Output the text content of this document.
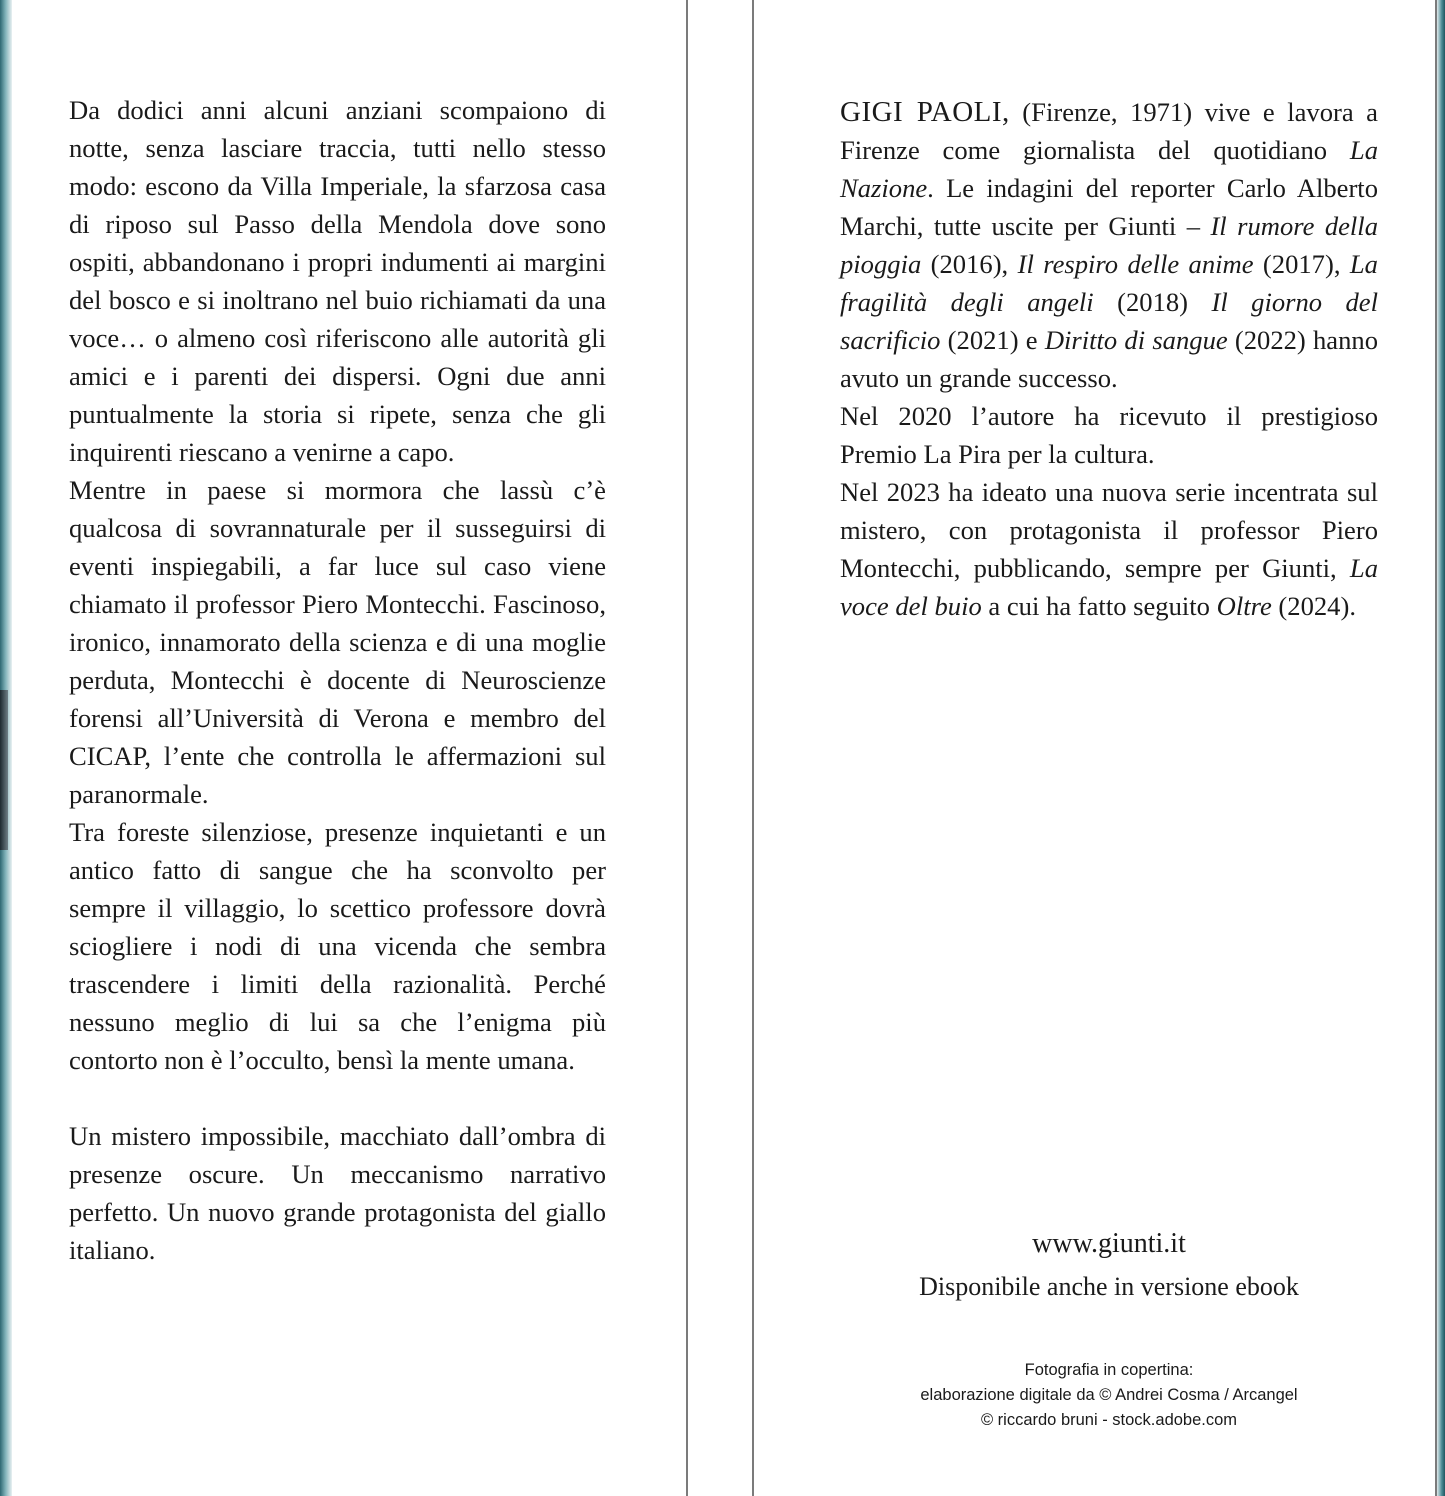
Da dodici anni alcuni anziani scompaiono di notte, senza lasciare traccia, tutti nello stesso modo: escono da Villa Imperiale, la sfarzosa casa di riposo sul Passo della Mendola dove sono ospiti, abbandonano i propri indumenti ai margini del bosco e si inoltrano nel buio richiamati da una voce… o almeno così riferiscono alle autorità gli amici e i parenti dei dispersi. Ogni due anni puntualmente la storia si ripete, senza che gli inquirenti riescano a venirne a capo.

Mentre in paese si mormora che lassù c’è qualcosa di sovrannaturale per il susseguirsi di eventi inspiegabili, a far luce sul caso viene chiamato il professor Piero Montecchi. Fascinoso, ironico, innamorato della scienza e di una moglie perduta, Montecchi è docente di Neuroscienze forensi all’Università di Verona e membro del CICAP, l’ente che controlla le affermazioni sul paranormale.

Tra foreste silenziose, presenze inquietanti e un antico fatto di sangue che ha sconvolto per sempre il villaggio, lo scettico professore dovrà sciogliere i nodi di una vicenda che sembra trascendere i limiti della razionalità. Perché nessuno meglio di lui sa che l’enigma più contorto non è l’occulto, bensì la mente umana.

Un mistero impossibile, macchiato dall’ombra di presenze oscure. Un meccanismo narrativo perfetto. Un nuovo grande protagonista del giallo italiano.

GIGI PAOLI, (Firenze, 1971) vive e lavora a Firenze come giornalista del quotidiano La Nazione. Le indagini del reporter Carlo Alberto Marchi, tutte uscite per Giunti – Il rumore della pioggia (2016), Il respiro delle anime (2017), La fragilità degli angeli (2018) Il giorno del sacrificio (2021) e Diritto di sangue (2022) hanno avuto un grande successo.

Nel 2020 l’autore ha ricevuto il prestigioso Premio La Pira per la cultura.

Nel 2023 ha ideato una nuova serie incentrata sul mistero, con protagonista il professor Piero Montecchi, pubblicando, sempre per Giunti, La voce del buio a cui ha fatto seguito Oltre (2024).

www.giunti.it
Disponibile anche in versione ebook
Fotografia in copertina:
elaborazione digitale da © Andrei Cosma / Arcangel
© riccardo bruni - stock.adobe.com
